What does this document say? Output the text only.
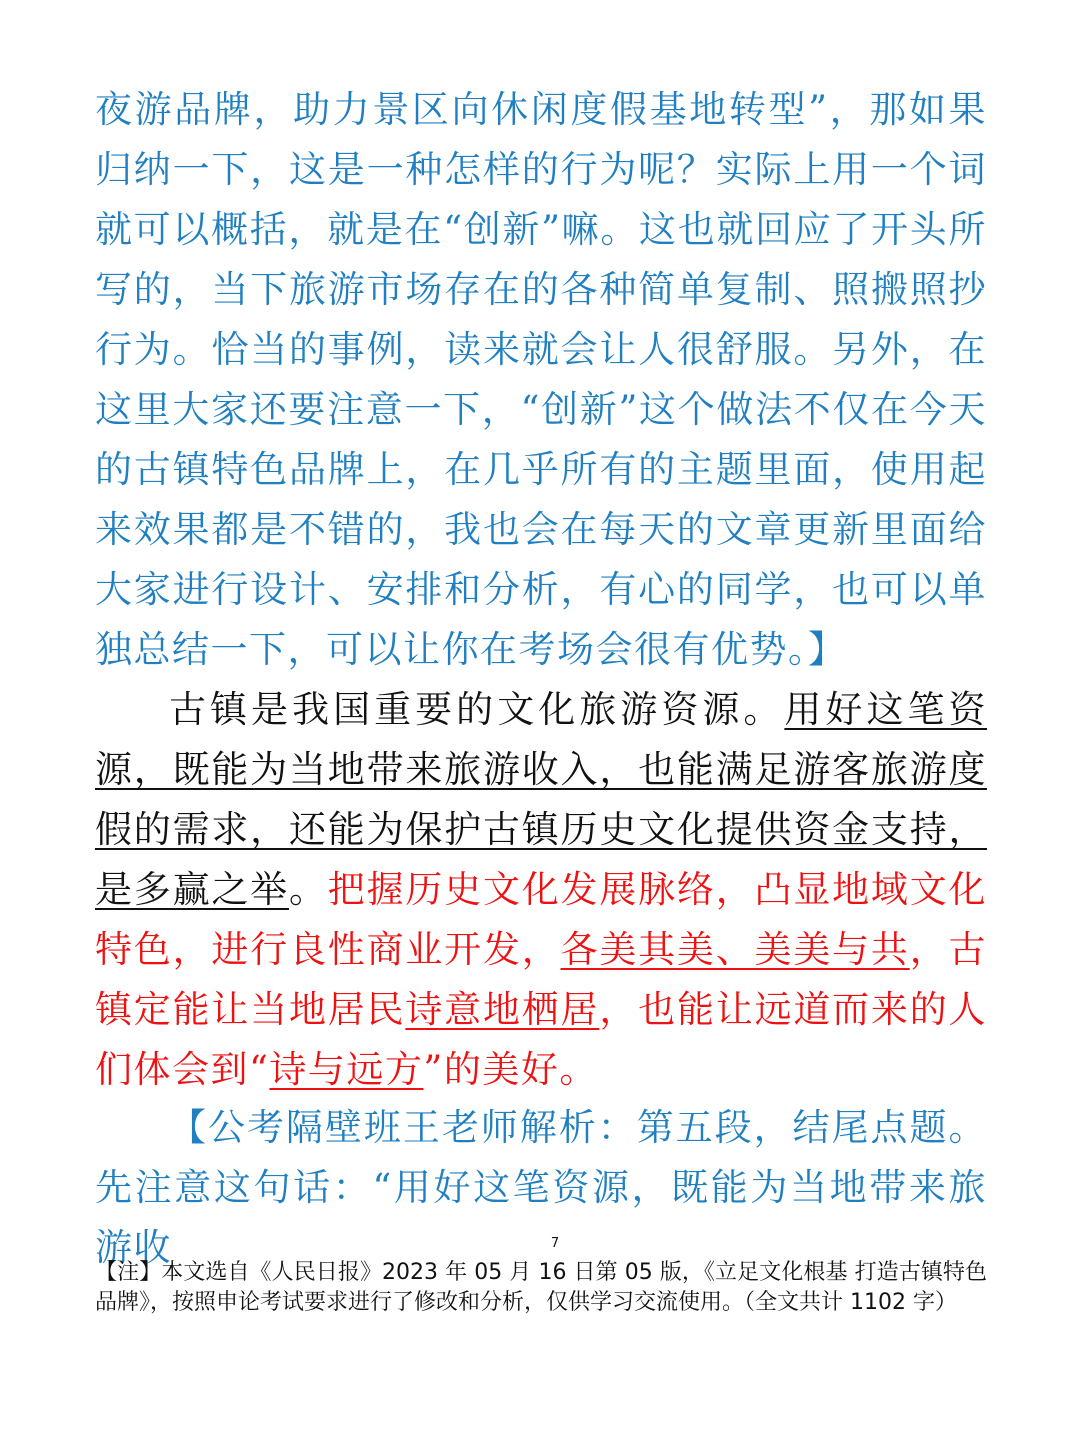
夜游品牌，助力景区向休闲度假基地转型”，那如果归纳一下，这是一种怎样的行为呢？实际上用一个词就可以概括，就是在“创新”嘛。这也就回应了开头所写的，当下旅游市场存在的各种简单复制、照搬照抄行为。恰当的事例，读来就会让人很舒服。另外，在这里大家还要注意一下，“创新”这个做法不仅在今天的古镇特色品牌上，在几乎所有的主题里面，使用起来效果都是不错的，我也会在每天的文章更新里面给大家进行设计、安排和分析，有心的同学，也可以单独总结一下，可以让你在考场会很有优势。】

古镇是我国重要的文化旅游资源。用好这笔资源，既能为当地带来旅游收入，也能满足游客旅游度假的需求，还能为保护古镇历史文化提供资金支持，是多赢之举。把握历史文化发展脉络，凸显地域文化特色，进行良性商业开发，各美其美、美美与共，古镇定能让当地居民诗意地栖居，也能让远道而来的人们体会到“诗与远方”的美好。

【公考隔壁班王老师解析：第五段，结尾点题。先注意这句话：“用好这笔资源，既能为当地带来旅游收	7

【注】本文选自《人民日报》2023 年 05 月 16 日第 05 版，《立足文化根基 打造古镇特色品牌》，按照申论考试要求进行了修改和分析，仅供学习交流使用。（全文共计 1102 字）
